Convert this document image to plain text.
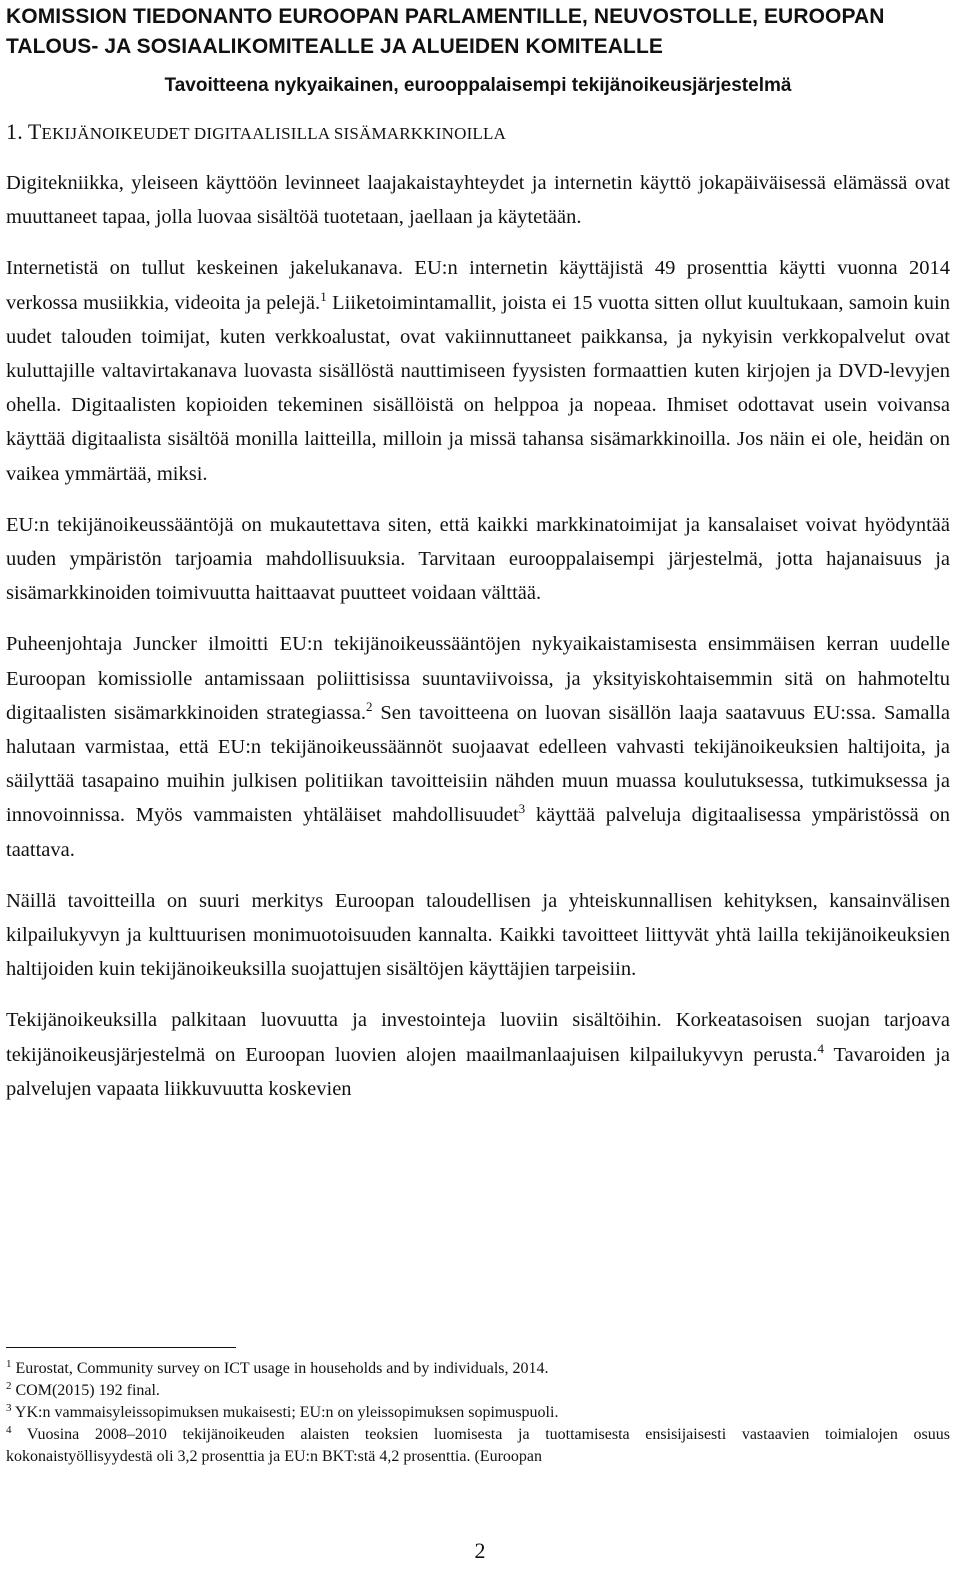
KOMISSION TIEDONANTO EUROOPAN PARLAMENTILLE, NEUVOSTOLLE, EUROOPAN TALOUS- JA SOSIAALIKOMITEALLE JA ALUEIDEN KOMITEALLE
Tavoitteena nykyaikainen, eurooppalaisempi tekijänoikeusjärjestelmä
1. TEKIJÄNOIKEUDET DIGITAALISILLA SISÄMARKKINOILLA

Digitekniikka, yleiseen käyttöön levinneet laajakaistayhteydet ja internetin käyttö jokapäiväisessä elämässä ovat muuttaneet tapaa, jolla luovaa sisältöä tuotetaan, jaellaan ja käytetään.

Internetistä on tullut keskeinen jakelukanava. EU:n internetin käyttäjistä 49 prosenttia käytti vuonna 2014 verkossa musiikkia, videoita ja pelejä.$^1$ Liiketoimintamallit, joista ei 15 vuotta sitten ollut kuultukaan, samoin kuin uudet talouden toimijat, kuten verkkoalustat, ovat vakiinnuttaneet paikkansa, ja nykyisin verkkopalvelut ovat kuluttajille valtavirtakanava luovasta sisällöstä nauttimiseen fyysisten formaattien kuten kirjojen ja DVD-levyjen ohella. Digitaalisten kopioiden tekeminen sisällöistä on helppoa ja nopeaa. Ihmiset odottavat usein voivansa käyttää digitaalista sisältöä monilla laitteilla, milloin ja missä tahansa sisämarkkinoilla. Jos näin ei ole, heidän on vaikea ymmärtää, miksi.

EU:n tekijänoikeussääntöjä on mukautettava siten, että kaikki markkinatoimijat ja kansalaiset voivat hyödyntää uuden ympäristön tarjoamia mahdollisuuksia. Tarvitaan eurooppalaisempi järjestelmä, jotta hajanaisuus ja sisämarkkinoiden toimivuutta haittaavat puutteet voidaan välttää.

Puheenjohtaja Juncker ilmoitti EU:n tekijänoikeussääntöjen nykyaikaistamisesta ensimmäisen kerran uudelle Euroopan komissiolle antamissaan poliittisissa suuntaviivoissa, ja yksityiskohtaisemmin sitä on hahmoteltu digitaalisten sisämarkkinoiden strategiassa.$^2$ Sen tavoitteena on luovan sisällön laaja saatavuus EU:ssa. Samalla halutaan varmistaa, että EU:n tekijänoikeussäännöt suojaavat edelleen vahvasti tekijänoikeuksien haltijoita, ja säilyttää tasapaino muihin julkisen politiikan tavoitteisiin nähden muun muassa koulutuksessa, tutkimuksessa ja innovoinnissa. Myös vammaisten yhtäläiset mahdollisuudet$^3$ käyttää palveluja digitaalisessa ympäristössä on taattava.

Näillä tavoitteilla on suuri merkitys Euroopan taloudellisen ja yhteiskunnallisen kehityksen, kansainvälisen kilpailukyvyn ja kulttuurisen monimuotoisuuden kannalta. Kaikki tavoitteet liittyvät yhtä lailla tekijänoikeuksien haltijoiden kuin tekijänoikeuksilla suojattujen sisältöjen käyttäjien tarpeisiin.

Tekijänoikeuksilla palkitaan luovuutta ja investointeja luoviin sisältöihin. Korkeatasoisen suojan tarjoava tekijänoikeusjärjestelmä on Euroopan luovien alojen maailmanlaajuisen kilpailukyvyn perusta.$^4$ Tavaroiden ja palvelujen vapaata liikkuvuutta koskevien

$^1$ Eurostat, Community survey on ICT usage in households and by individuals, 2014.

$^2$ COM(2015) 192 final.

$^3$ YK:n vammaisyleissopimuksen mukaisesti; EU:n on yleissopimuksen sopimuspuoli.

$^4$ Vuosina 2008–2010 tekijänoikeuden alaisten teoksien luomisesta ja tuottamisesta ensisijaisesti vastaavien toimialojen osuus kokonaistyöllisyydestä oli 3,2 prosenttia ja EU:n BKT:stä 4,2 prosenttia. (Euroopan

2
